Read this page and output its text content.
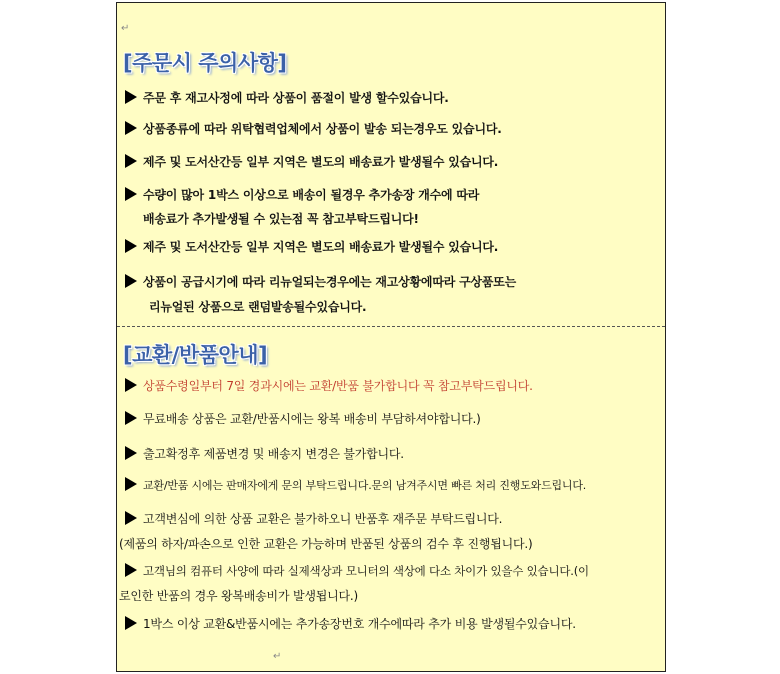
↵
[주문시 주의사항]
주문 후 재고사정에 따라 상품이 품절이 발생 할수있습니다.
상품종류에 따라 위탁협력업체에서 상품이 발송 되는경우도 있습니다.
제주 및 도서산간등 일부 지역은 별도의 배송료가 발생될수 있습니다.
수량이 많아 1박스 이상으로 배송이 될경우 추가송장 개수에 따라
배송료가 추가발생될 수 있는점 꼭 참고부탁드립니다!
제주 및 도서산간등 일부 지역은 별도의 배송료가 발생될수 있습니다.
상품이 공급시기에 따라 리뉴얼되는경우에는 재고상황에따라 구상품또는
리뉴얼된 상품으로 랜덤발송될수있습니다.
[교환/반품안내]
상품수령일부터 7일 경과시에는 교환/반품 불가합니다 꼭 참고부탁드립니다.
무료배송 상품은 교환/반품시에는 왕복 배송비 부담하셔야합니다.)
출고확정후 제품변경 및 배송지 변경은 불가합니다.
교환/반품 시에는 판매자에게 문의 부탁드립니다.문의 남겨주시면 빠른 처리 진행도와드립니다.
고객변심에 의한 상품 교환은 불가하오니 반품후 재주문 부탁드립니다.
(제품의 하자/파손으로 인한 교환은 가능하며 반품된 상품의 검수 후 진행됩니다.)
고객님의 컴퓨터 사양에 따라 실제색상과 모니터의 색상에 다소 차이가 있을수 있습니다.(이
로인한 반품의 경우 왕복배송비가 발생됩니다.)
1박스 이상 교환&반품시에는 추가송장번호 개수에따라 추가 비용 발생될수있습니다.
↵
